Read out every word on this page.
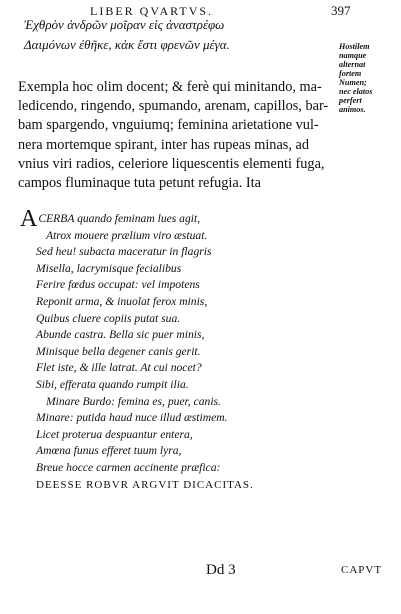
LIBER QVARTVS.	397
Ἐχθρὸν ἀνδρῶν μοῖραν εἰς ἀναστρέφω
Δαιμόνων ἐθῆκε, κἀκ ἔστι φρενῶν μέγα.	Hostilem
namque
alternat
fortem
Numen;
nec elatos
perfert
animos.
Exempla hoc olim docent; & ferè qui minitando, ma-
ledicendo, ringendo, spumando, arenam, capillos, bar-
bam spargendo, vnguiumq; feminina arietatione vul-
nera mortemque spirant, inter has rupeas minas, ad
vnius viri radios, celeriore liquescentis elementi fuga,
campos fluminaque tuta petunt refugia. Ita
ACERBA quando feminam lues agit,
Atrox mouere prælium viro æstuat.
Sed heu! subacta maceratur in flagris
Misella, lacrymisque fecialibus
Ferire fœdus occupat: vel impotens
Reponit arma, & inuolat ferox minis,
Quibus cluere copiis putat sua.
Abunde castra. Bella sic puer minis,
Minisque bella degener canis gerit.
Flet iste, & ille latrat. At cui nocet?
Sibi, efferata quando rumpit ilia.
Minare Burdo: femina es, puer, canis.
Minare: putida haud nuce illud æstimem.
Licet proterua despuantur entera,
Amœna funus efferet tuum lyra,
Breue hocce carmen accinente præfica:
DEESSE ROBVR ARGVIT DICACITAS.
Dd 3	CAPVT
